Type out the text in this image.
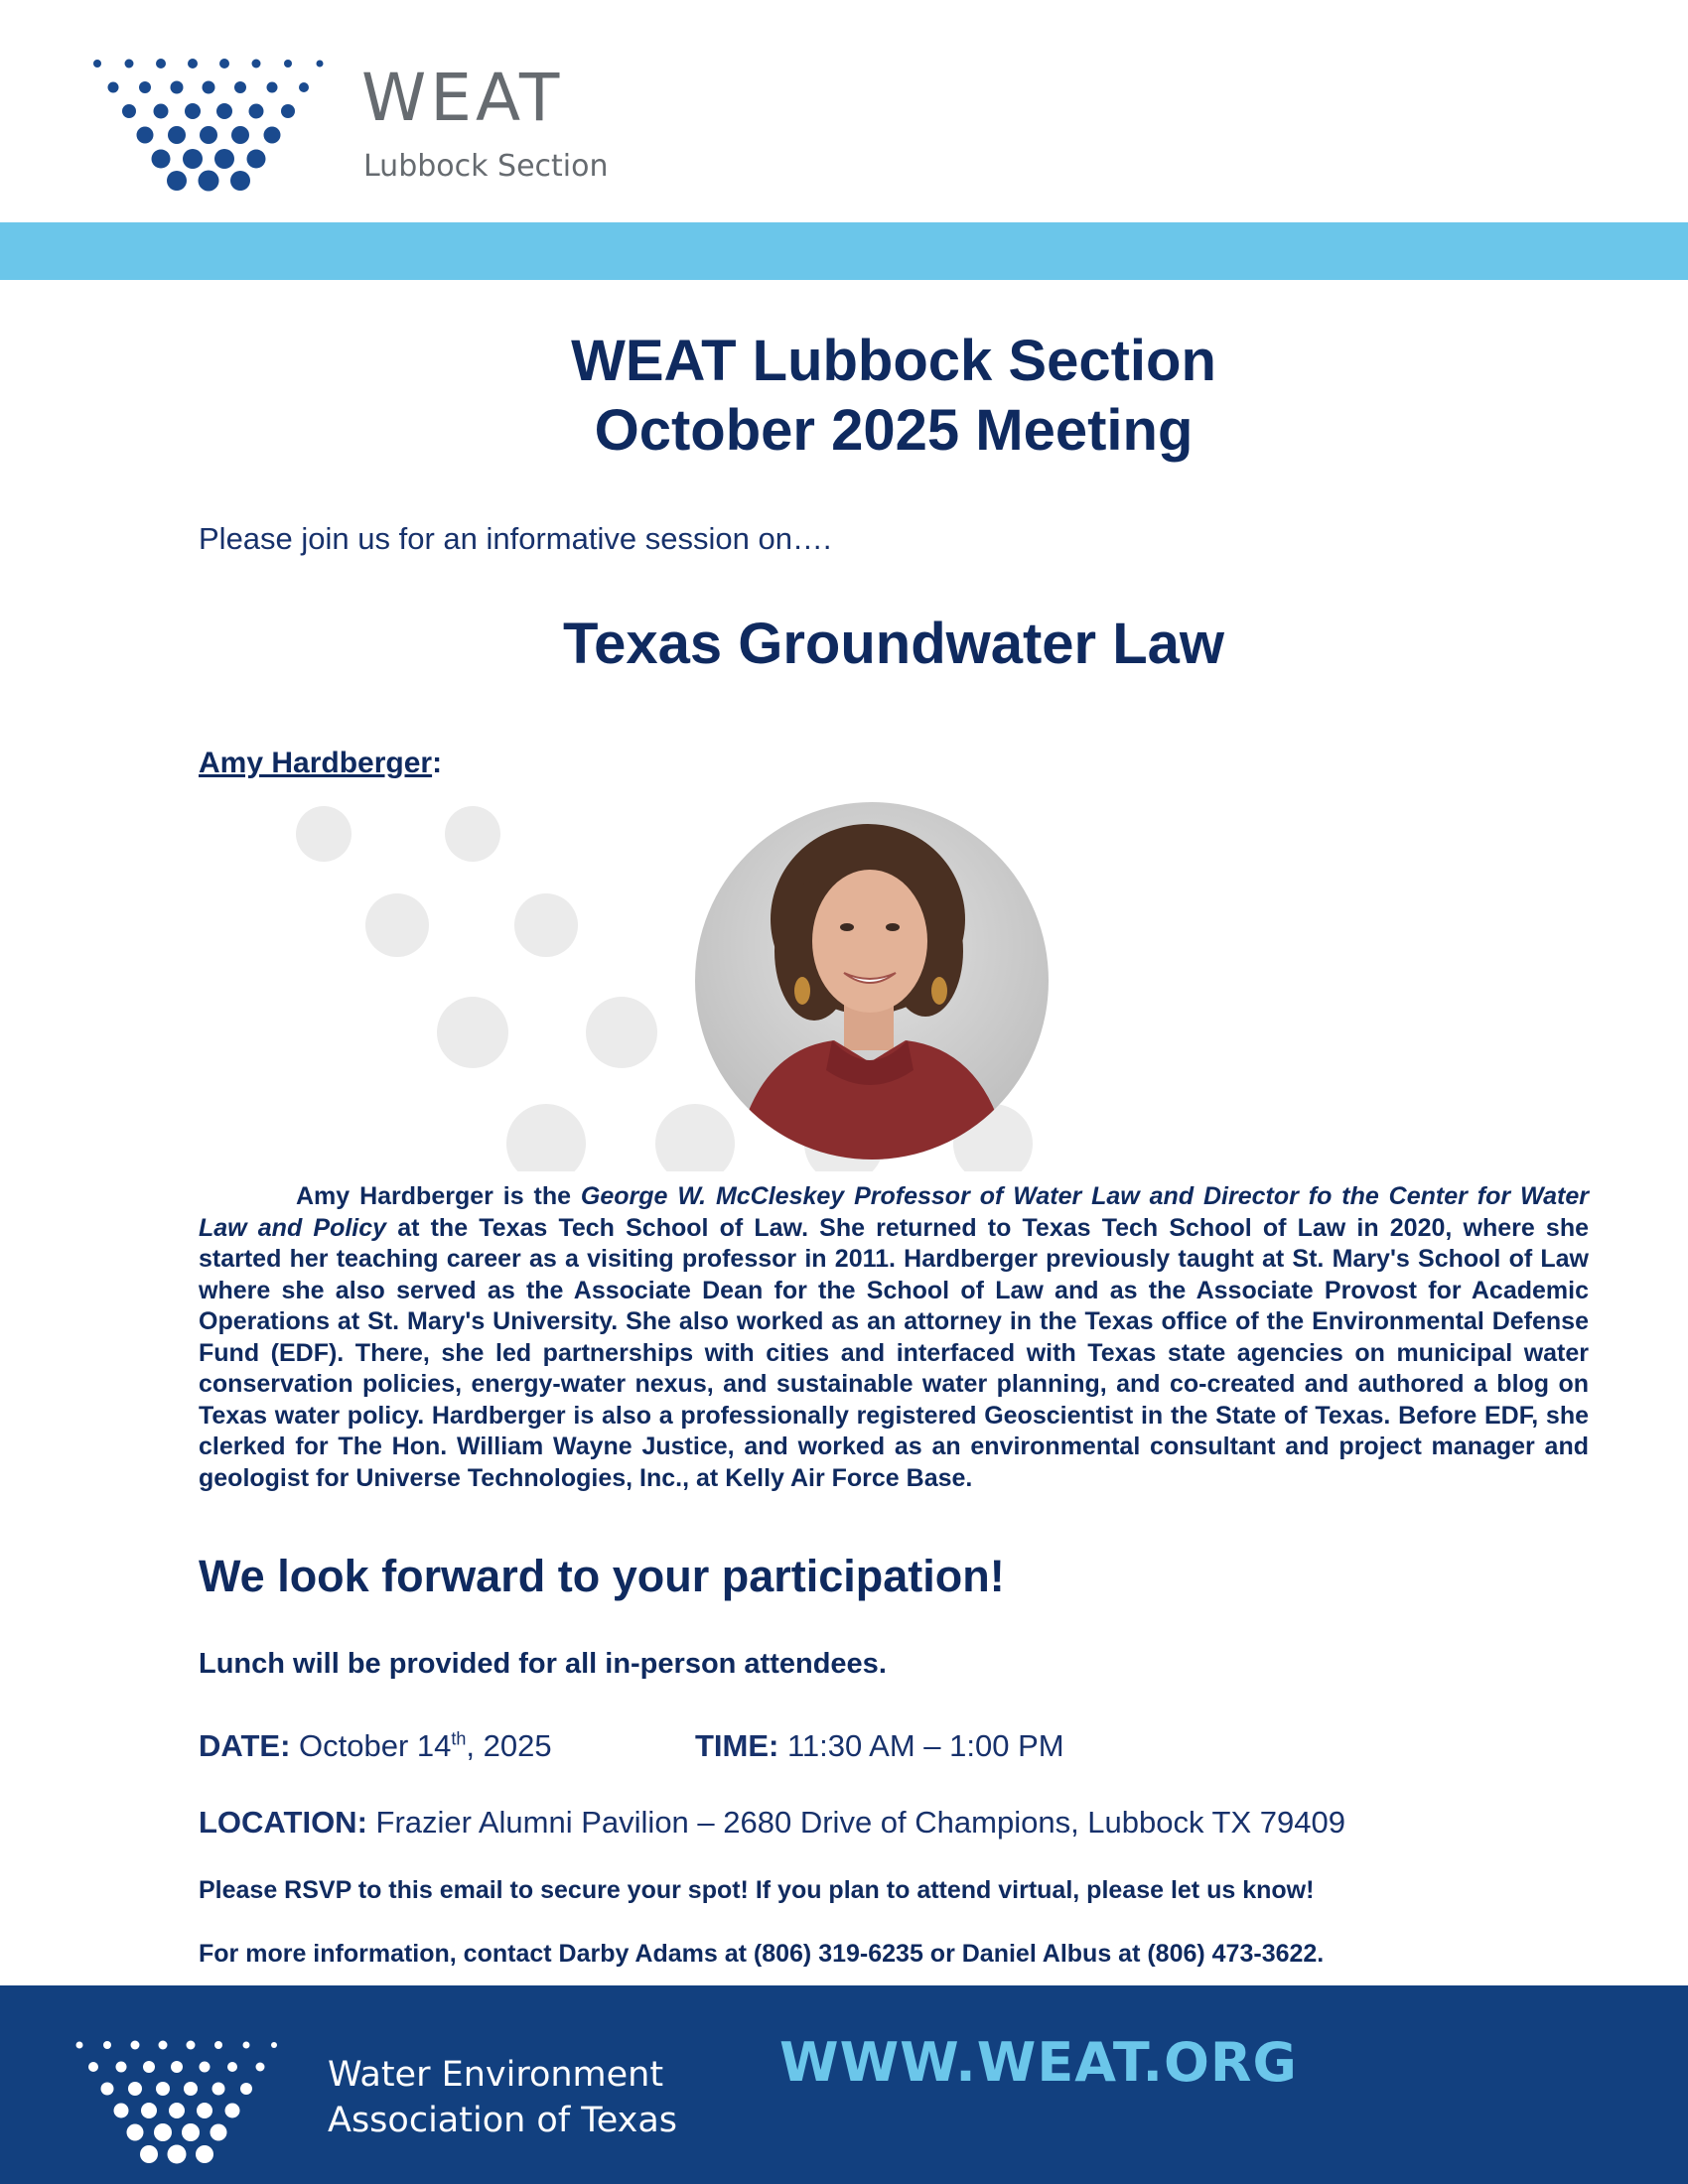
WEAT
Lubbock Section
WEAT Lubbock Section
October 2025 Meeting
Please join us for an informative session on….
Texas Groundwater Law
Amy Hardberger:

Amy Hardberger is the George W. McCleskey Professor of Water Law and Director fo the Center for Water Law and Policy at the Texas Tech School of Law. She returned to Texas Tech School of Law in 2020, where she started her teaching career as a visiting professor in 2011. Hardberger previously taught at St. Mary's School of Law where she also served as the Associate Dean for the School of Law and as the Associate Provost for Academic Operations at St. Mary's University. She also worked as an attorney in the Texas office of the Environmental Defense Fund (EDF). There, she led partnerships with cities and interfaced with Texas state agencies on municipal water conservation policies, energy-water nexus, and sustainable water planning, and co-created and authored a blog on Texas water policy. Hardberger is also a professionally registered Geoscientist in the State of Texas. Before EDF, she clerked for The Hon. William Wayne Justice, and worked as an environmental consultant and project manager and geologist for Universe Technologies, Inc., at Kelly Air Force Base.

We look forward to your participation!
Lunch will be provided for all in-person attendees.
DATE: October 14th, 2025	TIME: 11:30 AM – 1:00 PM
LOCATION: Frazier Alumni Pavilion – 2680 Drive of Champions, Lubbock TX 79409
Please RSVP to this email to secure your spot! If you plan to attend virtual, please let us know!
For more information, contact Darby Adams at (806) 319-6235 or Daniel Albus at (806) 473-3622.
Water Environment
Association of Texas
WWW.WEAT.ORG
